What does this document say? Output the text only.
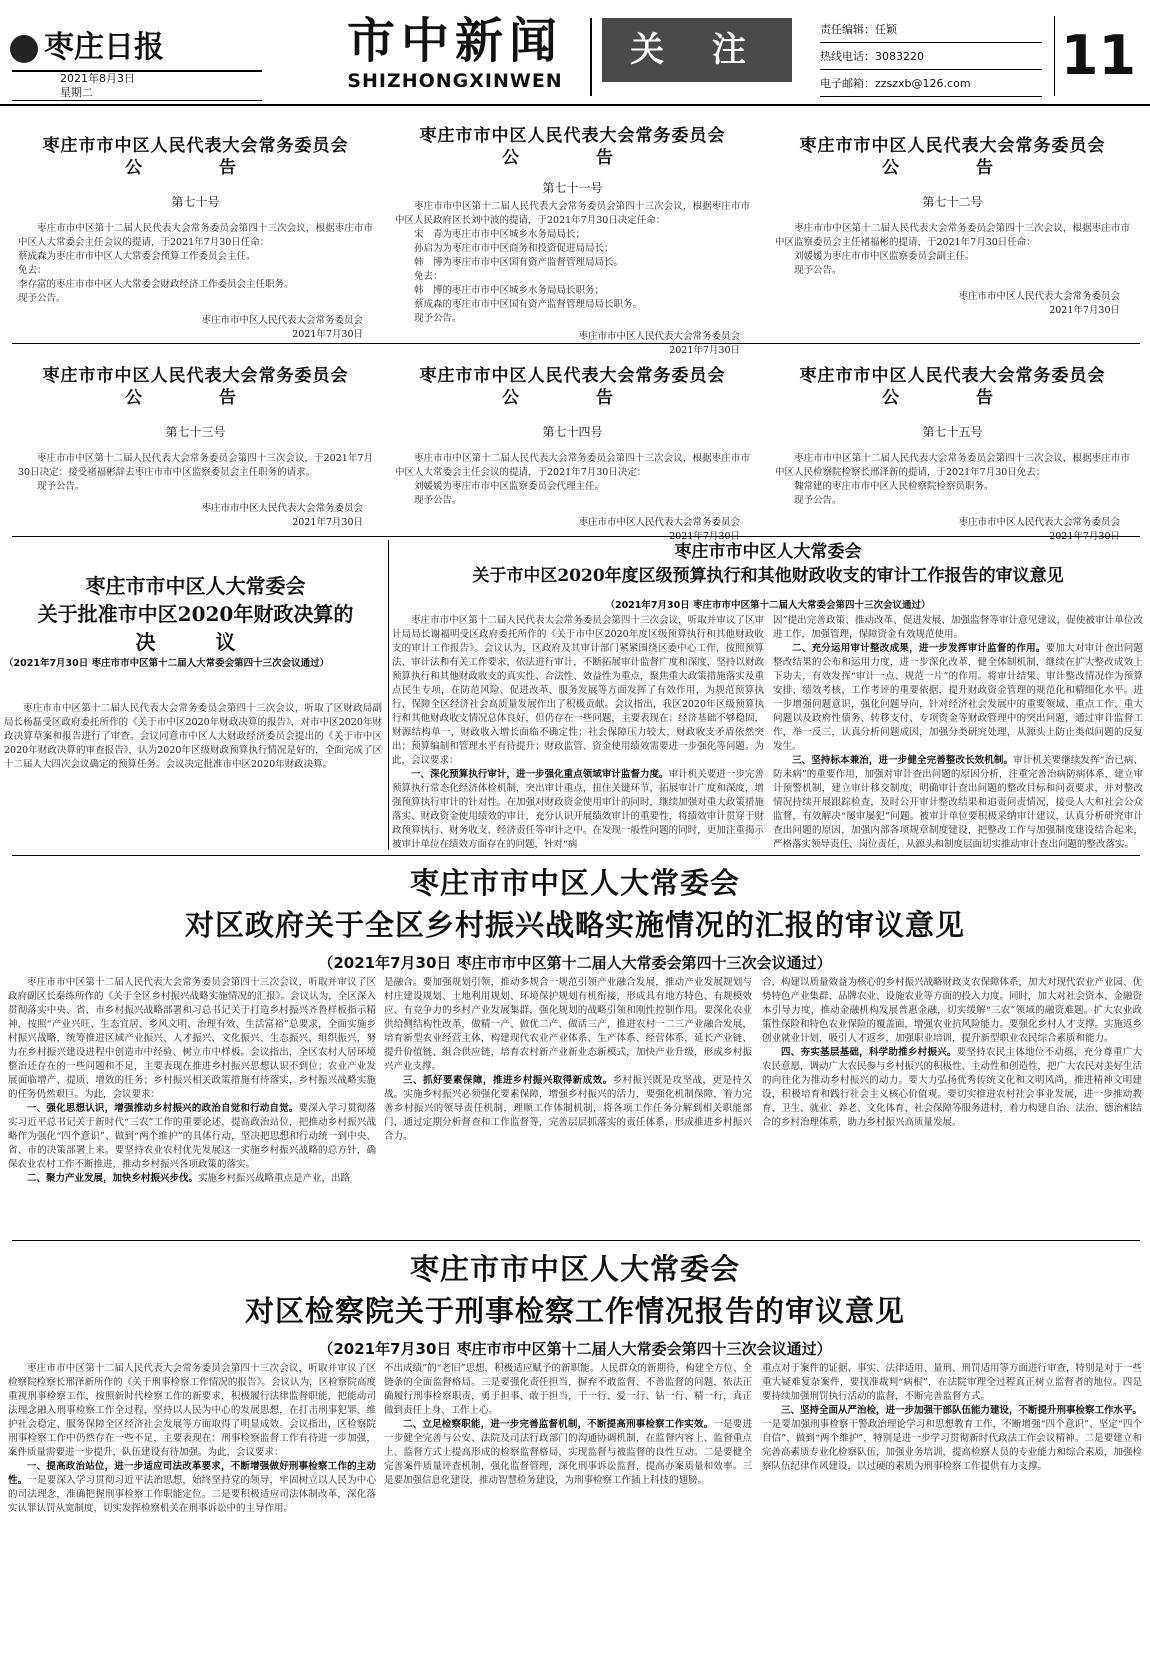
枣庄日报
2021年8月3日
星期二
市中新闻
SHIZHONGXINWEN
关 注
责任编辑：任颖
热线电话：3083220
电子邮箱：zzszxb@126.com	11
枣庄市市中区人民代表大会常务委员会
公　告
第七十号

枣庄市市中区第十二届人民代表大会常务委员会第四十三次会议，根据枣庄市市中区人大常委会主任会议的提请，于2021年7月30日任命：

蔡成森为枣庄市市中区人大常委会预算工作委员会主任。
免去：
李存富的枣庄市市中区人大常委会财政经济工作委员会主任职务。
现予公告。
枣庄市市中区人民代表大会常务委员会
2021年7月30日
枣庄市市中区人民代表大会常务委员会
公　告
第七十一号

枣庄市市中区第十二届人民代表大会常务委员会第四十三次会议，根据枣庄市市中区人民政府区长刘中波的提请，于2021年7月30日决定任命：

宋　青为枣庄市市中区城乡水务局局长；
孙启为为枣庄市市中区商务和投资促进局局长；
韩　博为枣庄市市中区国有资产监督管理局局长。
免去：
韩　博的枣庄市市中区城乡水务局局长职务；
蔡成森的枣庄市市中区国有资产监督管理局局长职务。
现予公告。
枣庄市市中区人民代表大会常务委员会
2021年7月30日
枣庄市市中区人民代表大会常务委员会
公　告
第七十二号

枣庄市市中区第十二届人民代表大会常务委员会第四十三次会议，根据枣庄市市中区监察委员会主任褚福彬的提请，于2021年7月30日任命：

刘媛媛为枣庄市市中区监察委员会副主任。
现予公告。
枣庄市市中区人民代表大会常务委员会
2021年7月30日
枣庄市市中区人民代表大会常务委员会
公　告
第七十三号

枣庄市市中区第十二届人民代表大会常务委员会第四十三次会议，于2021年7月30日决定：接受褚福彬辞去枣庄市市中区监察委员会主任职务的请求。

现予公告。
枣庄市市中区人民代表大会常务委员会
2021年7月30日
枣庄市市中区人民代表大会常务委员会
公　告
第七十四号

枣庄市市中区第十二届人民代表大会常务委员会第四十三次会议，根据枣庄市市中区人大常委会主任会议的提请，于2021年7月30日决定：

刘媛媛为枣庄市市中区监察委员会代理主任。
现予公告。
枣庄市市中区人民代表大会常务委员会
枣庄市市中区人民代表大会常务委员会
公　告
第七十五号

枣庄市市中区第十二届人民代表大会常务委员会第四十三次会议，根据枣庄市市中区人民检察院检察长邢泽新的提请，于2021年7月30日免去：

魏常建的枣庄市市中区人民检察院检察员职务。
现予公告。
枣庄市市中区人民代表大会常务委员会
枣庄市市中区人大常委会
关于批准市中区2020年财政决算的
决　议
（2021年7月30日 枣庄市市中区第十二届人大常委会第四十三次会议通过）

枣庄市市中区第十二届人民代表大会常务委员会第四十三次会议，听取了区财政局副局长杨磊受区政府委托所作的《关于市中区2020年财政决算的报告》，对市中区2020年财政决算草案和报告进行了审查。会议同意市中区人大财政经济委员会提出的《关于市中区2020年财政决算的审查报告》，认为2020年区级财政预算执行情况是好的，全面完成了区十二届人大四次会议确定的预算任务。会议决定批准市中区2020年财政决算。

枣庄市市中区人大常委会
关于市中区2020年度区级预算执行和其他财政收支的审计工作报告的审议意见
（2021年7月30日 枣庄市市中区第十二届人大常委会第四十三次会议通过）

枣庄市市中区第十二届人民代表大会常务委员会第四十三次会议，听取并审议了区审计局局长谢福明受区政府委托所作的《关于市中区2020年度区级预算执行和其他财政收支的审计工作报告》。会议认为，区政府及其审计部门紧紧围绕区委中心工作，按照预算法、审计法和有关工作要求，依法进行审计，不断拓展审计监督广度和深度，坚持以财政预算执行和其他财政收支的真实性、合法性、效益性为重点，聚焦重大政策措施落实及重点民生专项，在防范风险、促进改革、服务发展等方面发挥了有效作用，为规范预算执行、保障全区经济社会高质量发展作出了积极贡献。会议指出，我区2020年区级预算执行和其他财政收支情况总体良好，但仍存在一些问题，主要表现在：经济基础不够稳固，财源结构单一，财政收入增长面临不确定性；社会保障压力较大，财政收支矛盾依然突出；预算编制和管理水平有待提升；财政监管、资金使用绩效需要进一步强化等问题。为此，会议要求：

一、深化预算执行审计，进一步强化重点领域审计监督力度。审计机关要进一步完善预算执行常态化经济体检机制，突出审计重点，扭住关键环节，拓展审计广度和深度，增强预算执行审计的针对性。在加强对财政资金使用审计的同时，继续加强对重大政策措施落实、财政资金使用绩效的审计，充分认识开展绩效审计的重要性，将绩效审计贯穿于财政预算执行、财务收支、经济责任等审计之中。在发现一般性问题的同时，更加注重揭示被审计单位在绩效方面存在的问题，针对“病

因”提出完善政策、推动改革、促进发展、加强监督等审计意见建议，促使被审计单位改进工作，加强管理，保障资金有效规范使用。

二、充分运用审计整改成果，进一步发挥审计监督的作用。要加大对审计查出问题整改结果的公布和运用力度，进一步深化改革，健全体制机制，继续在扩大整改成效上下功夫，有效发挥“审计一点、规范一片”的作用。将审计结果、审计整改情况作为预算安排、绩效考核、工作考评的重要依据，提升财政资金管理的规范化和精细化水平。进一步增强问题意识，强化问题导向，针对经济社会发展中的重要领域、重点工作、重大问题以及政府性债务、转移支付、专项资金等财政管理中的突出问题，通过审计监督工作，举一反三，认真分析问题成因，加强分类研究处理，从源头上防止类似问题的反复发生。

三、坚持标本兼治，进一步健全完善整改长效机制。审计机关要继续发挥“治已病、防未病”的重要作用，加强对审计查出问题的原因分析，注重完善治病防病体系，建立审计预警机制，建立审计移交制度，明确审计查出问题的整改目标和问责要求，并对整改情况持续开展跟踪检查，及时公开审计整改结果和追责问责情况，接受人大和社会公众监督，有效解决“屡审屡犯”问题。被审计单位要积极采纳审计建议，认真分析研究审计查出问题的原因，加强内部各项规章制度建设，把整改工作与加强制度建设结合起来，严格落实领导责任、岗位责任，从源头和制度层面切实推动审计查出问题的整改落实。

枣庄市市中区人大常委会
对区政府关于全区乡村振兴战略实施情况的汇报的审议意见
（2021年7月30日 枣庄市市中区第十二届人大常委会第四十三次会议通过）

枣庄市市中区第十二届人民代表大会常务委员会第四十三次会议，听取并审议了区政府副区长秦练所作的《关于全区乡村振兴战略实施情况的汇报》。会议认为，全区深入贯彻落实中央、省、市乡村振兴战略部署和习总书记关于打造乡村振兴齐鲁样板指示精神，按照“产业兴旺、生态宜居、乡风文明、治理有效、生活富裕”总要求，全面实施乡村振兴战略，统筹推进区域产业振兴、人才振兴、文化振兴、生态振兴、组织振兴，努力在乡村振兴建设进程中创造市中经验、树立市中样板。会议指出，全区农村人居环境整治还存在的一些问题和不足，主要表现在推进乡村振兴思想认识不到位；农业产业发展面临增产、提质、增效的任务；乡村振兴相关政策措施有待落实，乡村振兴战略实施的任务仍然艰巨。为此，会议要求：

一、强化思想认识，增强推动乡村振兴的政治自觉和行动自觉。要深入学习贯彻落实习近平总书记关于新时代“三农”工作的重要论述，提高政治站位，把推动乡村振兴战略作为强化“四个意识”、做到“两个维护”的具体行动，坚决把思想和行动统一到中央、省、市的决策部署上来。要坚持农业农村优先发展这一实施乡村振兴战略的总方针，确保农业农村工作不断推进，推动乡村振兴各项政策的落实。

二、聚力产业发展，加快乡村振兴步伐。实施乡村振兴战略重点是产业，出路

是融合。要加强规划引领，推动多规合一规范引领产业融合发展，推动产业发展规划与村庄建设规划、土地利用规划、环境保护规划有机衔接，形成具有地方特色、有规模效应、有竞争力的乡村产业发展集群，强化规划的战略引领和刚性控制作用。要深化农业供给侧结构性改革，做精一产、做优二产、做活三产，推进农村一二三产业融合发展，培育新型农业经营主体，构建现代农业产业体系、生产体系、经营体系，延长产业链、提升价值链、组合供应链，培育农村新产业新业态新模式，加快产业升级，形成乡村振兴产业支撑。

三、抓好要素保障，推进乡村振兴取得新成效。乡村振兴既是攻坚战，更是持久战。实施乡村振兴必须强化要素保障，增强乡村振兴的活力，要强化机制保障，着力完善乡村振兴的领导责任机制，理顺工作体制机制，将各项工作任务分解到相关职能部门，通过定期分析督查和工作监督等，完善层层抓落实的责任体系，形成推进乡村振兴合力。

合，构建以质量效益为核心的乡村振兴战略财政支农保障体系，加大对现代农业产业园、优势特色产业集群、品牌农业、设施农业等方面的投入力度。同时，加大对社会资本、金融资本引导力度，推动金融机构发展普惠金融，切实缓解“三农”领域的融资难题。扩大农业政策性保险和特色农业保险的覆盖面，增强农业抗风险能力。要强化乡村人才支撑。实施返乡创业就业计划，吸引人才返乡，加强职业培训，提升新型职业农民综合素质和能力。

四、夯实基层基础，科学助推乡村振兴。要坚持农民主体地位不动摇，充分尊重广大农民意愿，调动广大农民参与乡村振兴的积极性、主动性和创造性，把广大农民对美好生活的向往化为推动乡村振兴的动力。要大力弘扬优秀传统文化和文明风尚，推进精神文明建设，积极培育和践行社会主义核心价值观。要切实推进农村社会事业发展，进一步推动教育、卫生、就业、养老、文化体育、社会保障等服务进村，着力构建自治、法治、德治相结合的乡村治理体系，助力乡村振兴高质量发展。

枣庄市市中区人大常委会
对区检察院关于刑事检察工作情况报告的审议意见
（2021年7月30日 枣庄市市中区第十二届人大常委会第四十三次会议通过）

枣庄市市中区第十二届人民代表大会常务委员会第四十三次会议，听取并审议了区检察院检察长邢泽新所作的《关于刑事检察工作情况的报告》。会议认为，区检察院高度重视刑事检察工作，按照新时代检察工作的新要求，积极履行法律监督职能，把能动司法理念融入刑事检察工作全过程，坚持以人民为中心的发展思想，在打击刑事犯罪、维护社会稳定、服务保障全区经济社会发展等方面取得了明显成效。会议指出，区检察院刑事检察工作中仍然存在一些不足，主要表现在：刑事检察监督工作有待进一步加强，案件质量需要进一步提升，队伍建设有待加强。为此，会议要求：

一、提高政治站位，进一步适应司法改革要求，不断增强做好刑事检察工作的主动性。一是要深入学习贯彻习近平法治思想，始终坚持党的领导，牢固树立以人民为中心的司法理念，准确把握刑事检察工作职能定位。二是要积极适应司法体制改革，深化落实认罪认罚从宽制度，切实发挥检察机关在刑事诉讼中的主导作用。

不出成绩”的“老旧”思想，积极适应赋予的新职能。人民群众的新期待，构建全方位、全链条的全面监督格局。三是要强化责任担当，摒弃不敢监督、不善监督的问题，依法正确履行刑事检察职责，勇于担事、敢于担当，干一行、爱一行、钻一行、精一行，真正做到责任上身、工作上心。

二、立足检察职能，进一步完善监督机制，不断提高刑事检察工作实效。一是要进一步健全完善与公安、法院及司法行政部门的沟通协调机制，在监督内容上、监督重点上、监督方式上提高形成的检察监督格局，实现监督与被监督的良性互动。二是要健全完善案件质量评查机制，强化监督管理，深化刑事诉讼监督，提高办案质量和效率。三是要加强信息化建设，推动智慧检务建设，为刑事检察工作插上科技的翅膀。

重点对于案件的证据、事实、法律适用、量刑、刑罚适用等方面进行审查，特别是对于一些重大疑难复杂案件，要找准裁判“病根”，在法院审理全过程真正树立监督者的地位。四是要持续加强刑罚执行活动的监督，不断完善监督方式。

三、坚持全面从严治检，进一步加强干部队伍能力建设，不断提升刑事检察工作水平。一是要加强刑事检察干警政治理论学习和思想教育工作，不断增强“四个意识”、坚定“四个自信”、做到“两个维护”，特别是进一步学习贯彻新时代政法工作会议精神。二是要建立和完善高素质专业化检察队伍，加强业务培训，提高检察人员的专业能力和综合素质，加强检察队伍纪律作风建设，以过硬的素质为刑事检察工作提供有力支撑。
